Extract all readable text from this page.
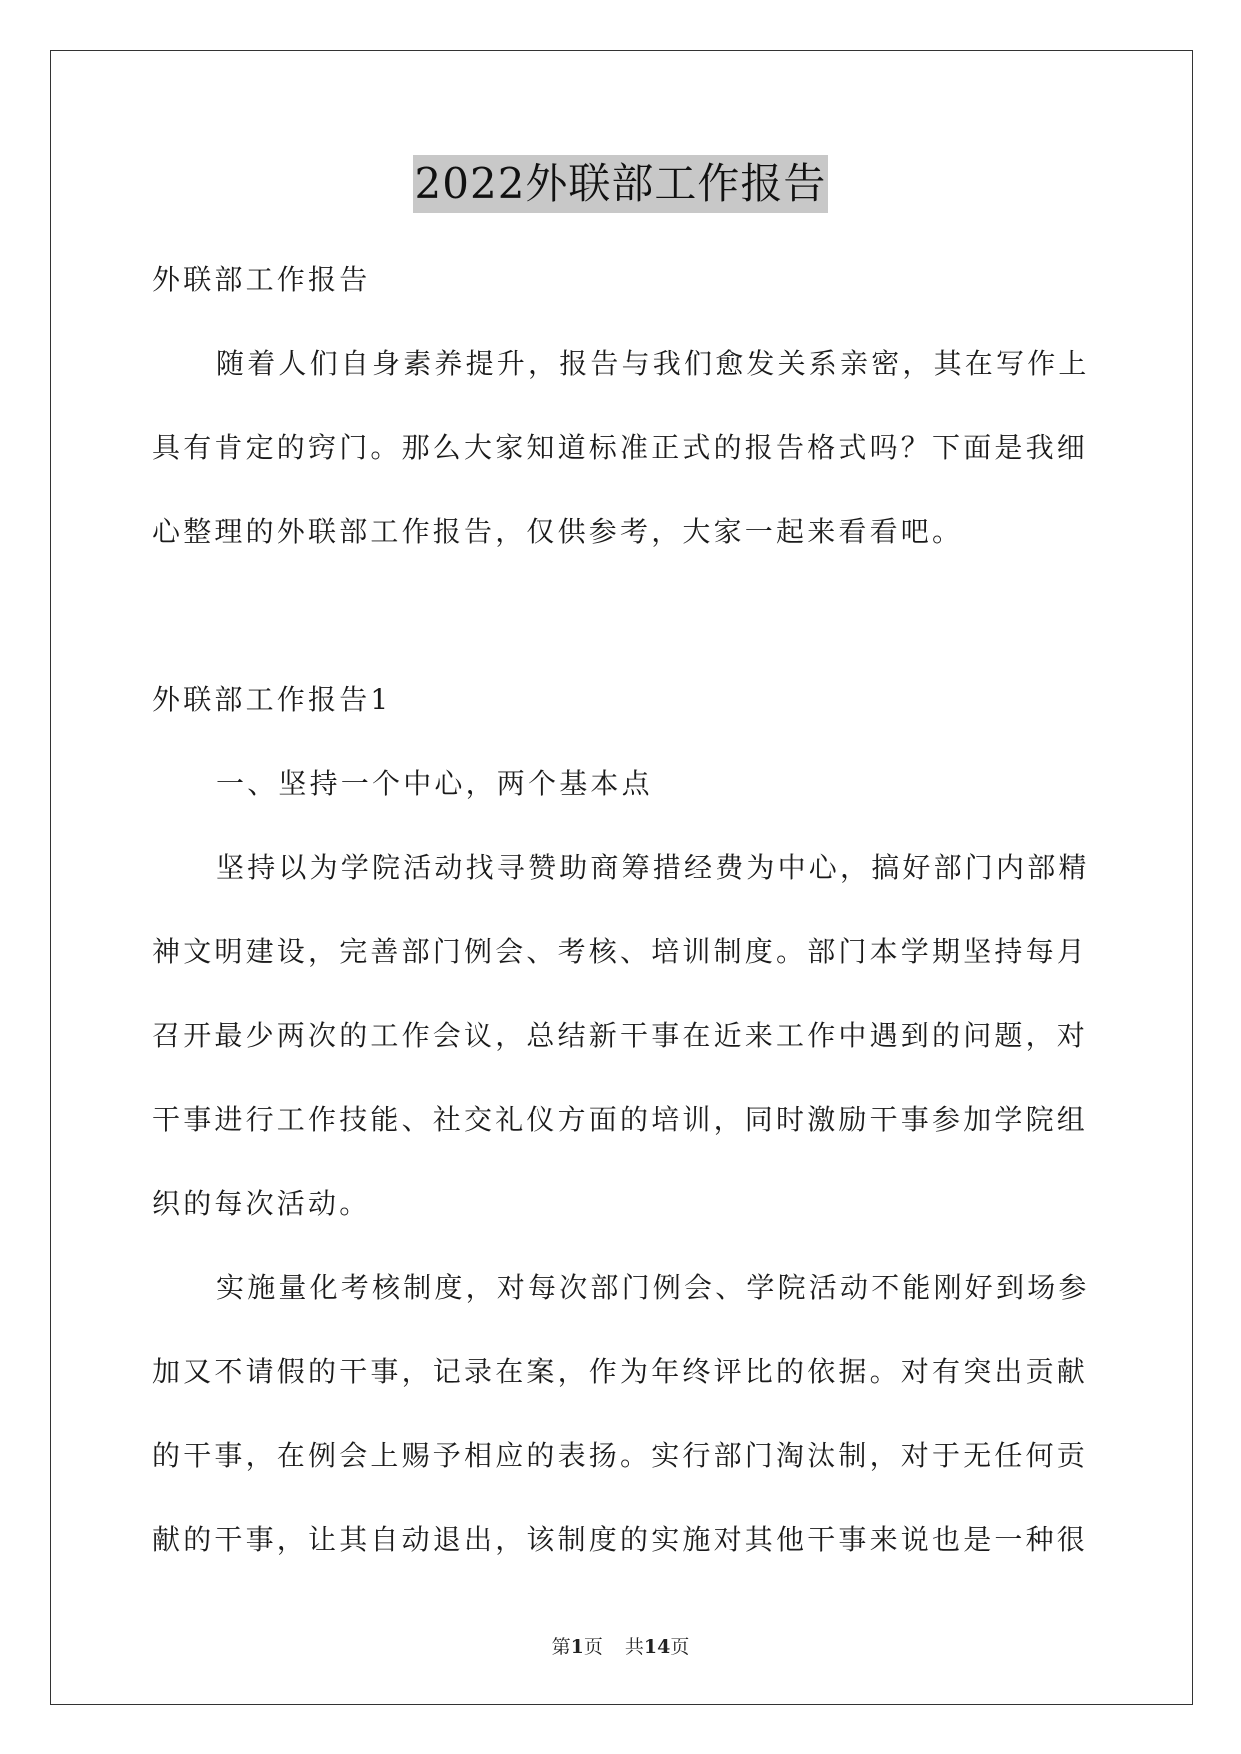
2022外联部工作报告

外联部工作报告

随着人们自身素养提升，报告与我们愈发关系亲密，其在写作上

具有肯定的窍门。那么大家知道标准正式的报告格式吗？下面是我细

心整理的外联部工作报告，仅供参考，大家一起来看看吧。

外联部工作报告1

一、坚持一个中心，两个基本点

坚持以为学院活动找寻赞助商筹措经费为中心，搞好部门内部精

神文明建设，完善部门例会、考核、培训制度。部门本学期坚持每月

召开最少两次的工作会议，总结新干事在近来工作中遇到的问题，对

干事进行工作技能、社交礼仪方面的培训，同时激励干事参加学院组

织的每次活动。

实施量化考核制度，对每次部门例会、学院活动不能刚好到场参

加又不请假的干事，记录在案，作为年终评比的依据。对有突出贡献

的干事，在例会上赐予相应的表扬。实行部门淘汰制，对于无任何贡

献的干事，让其自动退出，该制度的实施对其他干事来说也是一种很

第1页 共14页
